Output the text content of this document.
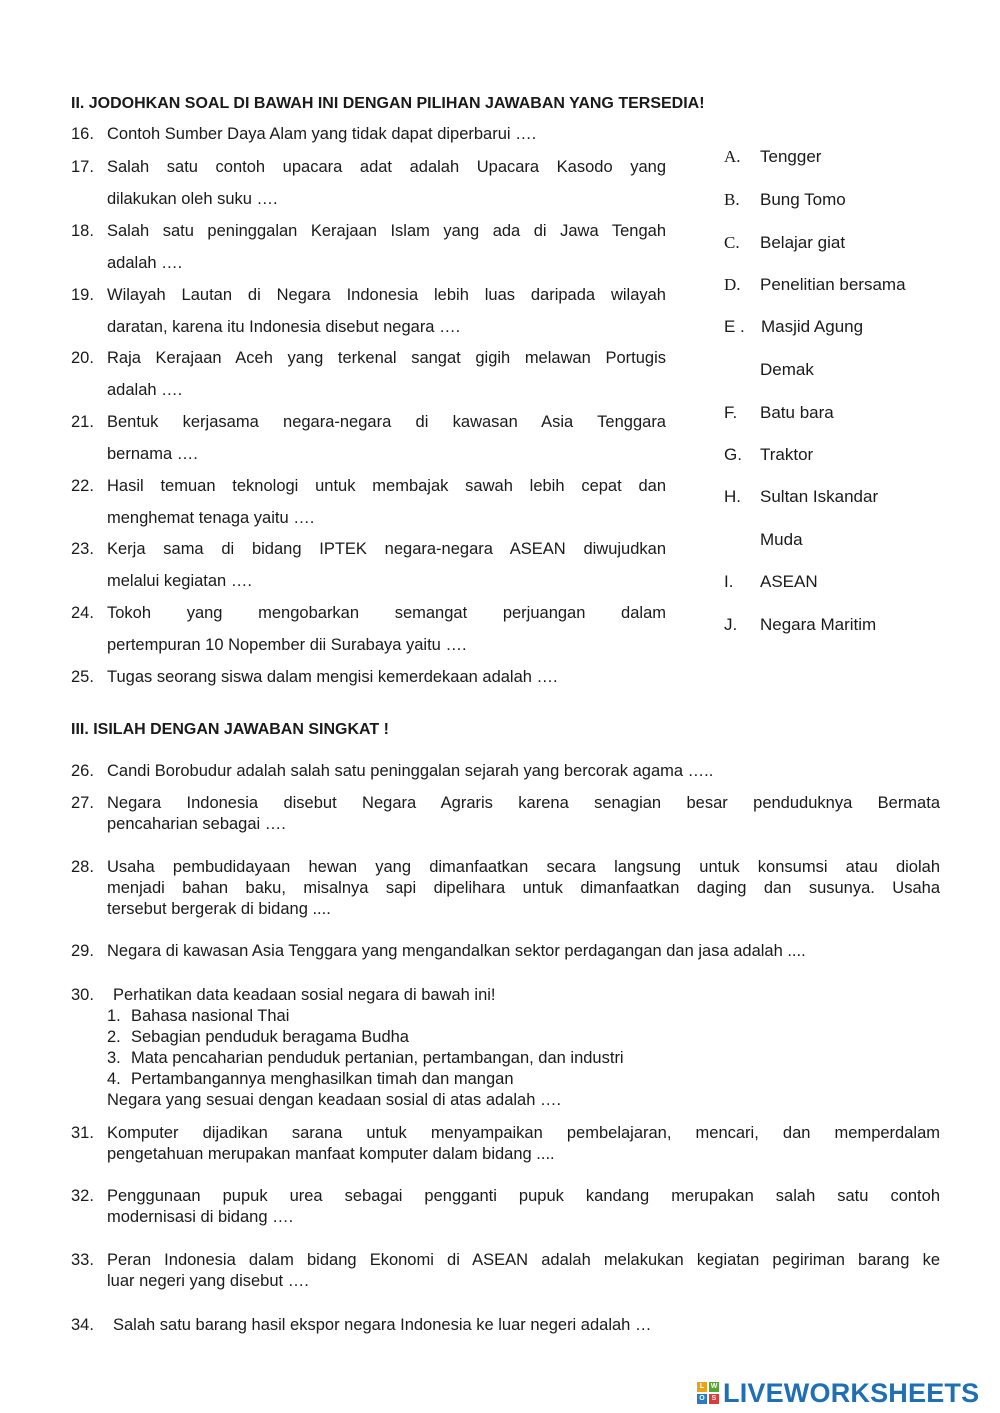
II. JODOHKAN SOAL DI BAWAH INI DENGAN PILIHAN JAWABAN YANG TERSEDIA!
16. Contoh Sumber Daya Alam yang tidak dapat diperbarui ….
17. Salah satu contoh upacara adat adalah Upacara Kasodo yang
dilakukan oleh suku ….
18. Salah satu peninggalan Kerajaan Islam yang ada di Jawa Tengah
adalah ….
19. Wilayah Lautan di Negara Indonesia lebih luas daripada wilayah
daratan, karena itu Indonesia disebut negara ….
20. Raja Kerajaan Aceh yang terkenal sangat gigih melawan Portugis
adalah ….
21. Bentuk kerjasama negara-negara di kawasan Asia Tenggara
bernama ….
22. Hasil temuan teknologi untuk membajak sawah lebih cepat dan
menghemat tenaga yaitu ….
23. Kerja sama di bidang IPTEK negara-negara ASEAN diwujudkan
melalui kegiatan ….
24. Tokoh yang mengobarkan semangat perjuangan dalam
pertempuran 10 Nopember dii Surabaya yaitu ….
25. Tugas seorang siswa dalam mengisi kemerdekaan adalah ….
A. Tengger
B. Bung Tomo
C. Belajar giat
D. Penelitian bersama
E . Masjid Agung
Demak
F. Batu bara
G. Traktor
H. Sultan Iskandar
Muda
I. ASEAN
J. Negara Maritim
III. ISILAH DENGAN JAWABAN SINGKAT !
26. Candi Borobudur adalah salah satu peninggalan sejarah yang bercorak agama …..
27. Negara Indonesia disebut Negara Agraris karena senagian besar penduduknya Bermata
pencaharian sebagai ….
28. Usaha pembudidayaan hewan yang dimanfaatkan secara langsung untuk konsumsi atau diolah
menjadi bahan baku, misalnya sapi dipelihara untuk dimanfaatkan daging dan susunya. Usaha
tersebut bergerak di bidang ....
29. Negara di kawasan Asia Tenggara yang mengandalkan sektor perdagangan dan jasa adalah ....
30. Perhatikan data keadaan sosial negara di bawah ini!
1. Bahasa nasional Thai
2. Sebagian penduduk beragama Budha
3. Mata pencaharian penduduk pertanian, pertambangan, dan industri
4. Pertambangannya menghasilkan timah dan mangan
Negara yang sesuai dengan keadaan sosial di atas adalah ….
31. Komputer dijadikan sarana untuk menyampaikan pembelajaran, mencari, dan memperdalam
pengetahuan merupakan manfaat komputer dalam bidang ....
32. Penggunaan pupuk urea sebagai pengganti pupuk kandang merupakan salah satu contoh
modernisasi di bidang ….
33. Peran Indonesia dalam bidang Ekonomi di ASEAN adalah melakukan kegiatan pegiriman barang ke
luar negeri yang disebut ….
34. Salah satu barang hasil ekspor negara Indonesia ke luar negeri adalah …
L W
O S LIVEWORKSHEETS
